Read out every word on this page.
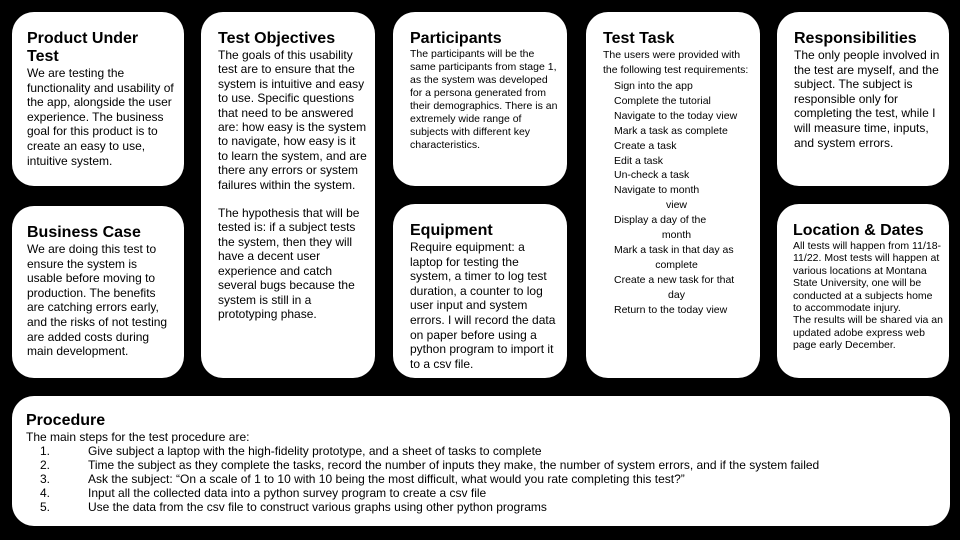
Product Under Test

We are testing the functionality and usability of the app, alongside the user experience. The business goal for this product is to create an easy to use, intuitive system.

Business Case

We are doing this test to ensure the system is usable before moving to production. The benefits are catching errors early, and the risks of not testing are added costs during main development.

Test Objectives

The goals of this usability test are to ensure that the system is intuitive and easy to use. Specific questions that need to be answered are: how easy is the system to navigate, how easy is it to learn the system, and are there any errors or system failures within the system.

The hypothesis that will be tested is: if a subject tests the system, then they will have a decent user experience and catch several bugs because the system is still in a prototyping phase.

Participants

The participants will be the same participants from stage 1, as the system was developed for a persona generated from their demographics. There is an extremely wide range of subjects with different key characteristics.

Equipment

Require equipment: a laptop for testing the system, a timer to log test duration, a counter to log user input and system errors. I will record the data on paper before using a python program to import it to a csv file.

Test Task

The users were provided with the following test requirements:

Sign into the app
Complete the tutorial
Navigate to the today view
Mark a task as complete
Create a task
Edit a task
Un-check a task
Navigate to month
view
Display a day of the
month
Mark a task in that day as
complete
Create a new task for that
day
Return to the today view
Responsibilities

The only people involved in the test are myself, and the subject. The subject is responsible only for completing the test, while I will measure time, inputs, and system errors.

Location & Dates

All tests will happen from 11/18-11/22. Most tests will happen at various locations at Montana State University, one will be conducted at a subjects home to accommodate injury.

The results will be shared via an updated adobe express web page early December.

Procedure

The main steps for the test procedure are:

1.	Give subject a laptop with the high-fidelity prototype, and a sheet of tasks to complete
2.	Time the subject as they complete the tasks, record the number of inputs they make, the number of system errors, and if the system failed
3.	Ask the subject: “On a scale of 1 to 10 with 10 being the most difficult, what would you rate completing this test?”
4.	Input all the collected data into a python survey program to create a csv file
5.	Use the data from the csv file to construct various graphs using other python programs
